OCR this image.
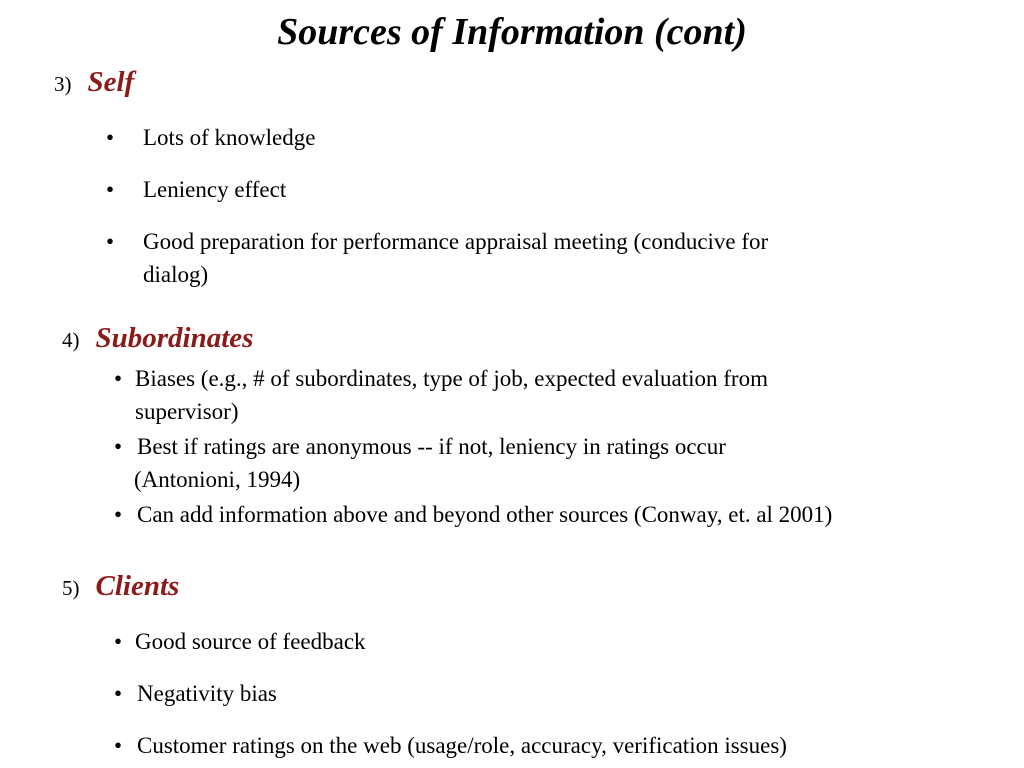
Sources of Information (cont)
3) Self
• Lots of knowledge
• Leniency effect
• Good preparation for performance appraisal meeting (conducive for
dialog)
4) Subordinates
• Biases (e.g., # of subordinates, type of job, expected evaluation from
supervisor)
• Best if ratings are anonymous -- if not, leniency in ratings occur
(Antonioni, 1994)
• Can add information above and beyond other sources (Conway, et. al 2001)
5) Clients
• Good source of feedback
• Negativity bias
• Customer ratings on the web (usage/role, accuracy, verification issues)
